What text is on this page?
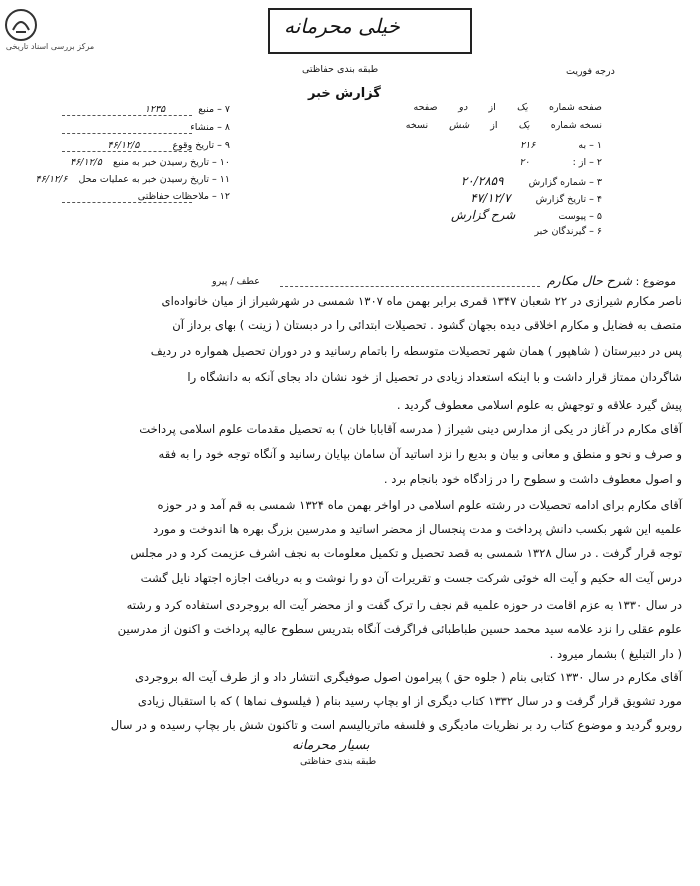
مرکز بررسی اسناد تاریخی
خیلی محرمانه
طبقه بندی حفاظتی	درجه فوریت
گزارش خبر
صفحه شماره یک از دو صفحه
نسخه شماره یک از شش نسخه
۱ – به ۲۱۶
۲ – از : ۲۰
۳ – شماره گزارش ۲۰/۲۸۵۹
۴ – تاریخ گزارش ۴۷/۱۲/۷
۵ – پیوست شرح گزارش
۶ – گیرندگان خبر
۷ – منبع ۱۲۳۵
۸ – منشاء
۹ – تاریخ وقوع ۴۶/۱۲/۵
۱۰ – تاریخ رسیدن خبر به منبع ۴۶/۱۲/۵
۱۱ – تاریخ رسیدن خبر به عملیات محل ۴۶/۱۲/۶
۱۲ – ملاحظات حفاظتی
موضوع : شرح حال مکارم
عطف / پیرو
ناصر مکارم شیرازی در ۲۲ شعبان ۱۳۴۷ قمری برابر بهمن ماه ۱۳۰۷ شمسی در شهرشیراز از میان خانواده‌ای
متصف به فضایل و مکارم اخلاقی دیده بجهان گشود . تحصیلات ابتدائی را در دبستان ( زینت ) بهای برداز آن
پس در دبیرستان ( شاهپور ) همان شهر تحصیلات متوسطه را باتمام رسانید و در دوران تحصیل همواره در ردیف
شاگردان ممتاز قرار داشت و با اینکه استعداد زیادی در تحصیل از خود نشان داد بجای آنکه به دانشگاه را
پیش گیرد علاقه و توجهش به علوم اسلامی معطوف گردید .
آقای مکارم در آغاز در یکی از مدارس دینی شیراز ( مدرسه آقابابا خان ) به تحصیل مقدمات علوم اسلامی پرداخت
و صرف و نحو و منطق و معانی و بیان و بدیع را نزد اساتید آن سامان بپایان رسانید و آنگاه توجه خود را به فقه
و اصول معطوف داشت و سطوح را در زادگاه خود بانجام برد .
آقای مکارم برای ادامه تحصیلات در رشته علوم اسلامی در اواخر بهمن ماه ۱۳۲۴ شمسی به قم آمد و در حوزه
علمیه این شهر بکسب دانش پرداخت و مدت پنجسال از محضر اساتید و مدرسین بزرگ بهره ها اندوخت و مورد
توجه قرار گرفت . در سال ۱۳۲۸ شمسی به قصد تحصیل و تکمیل معلومات به نجف اشرف عزیمت کرد و در مجلس
درس آیت اله حکیم و آیت اله خوئی شرکت جست و تقریرات آن دو را نوشت و به دریافت اجازه اجتهاد نایل گشت
در سال ۱۳۳۰ به عزم اقامت در حوزه علمیه قم نجف را ترک گفت و از محضر آیت اله بروجردی استفاده کرد و رشته
علوم عقلی را نزد علامه سید محمد حسین طباطبائی فراگرفت آنگاه بتدریس سطوح عالیه پرداخت و اکنون از مدرسین
( دار التبلیغ ) بشمار میرود .
آقای مکارم در سال ۱۳۳۰ کتابی بنام ( جلوه حق ) پیرامون اصول صوفیگری انتشار داد و از طرف آیت اله بروجردی
مورد تشویق قرار گرفت و در سال ۱۳۳۲ کتاب دیگری از او بچاپ رسید بنام ( فیلسوف نماها ) که با استقبال زیادی
روبرو گردید و موضوع کتاب رد بر نظریات مادیگری و فلسفه ماتریالیسم است و تاکنون شش بار بچاپ رسیده و در سال
بسیار محرمانه
طبقه بندی حفاظتی
